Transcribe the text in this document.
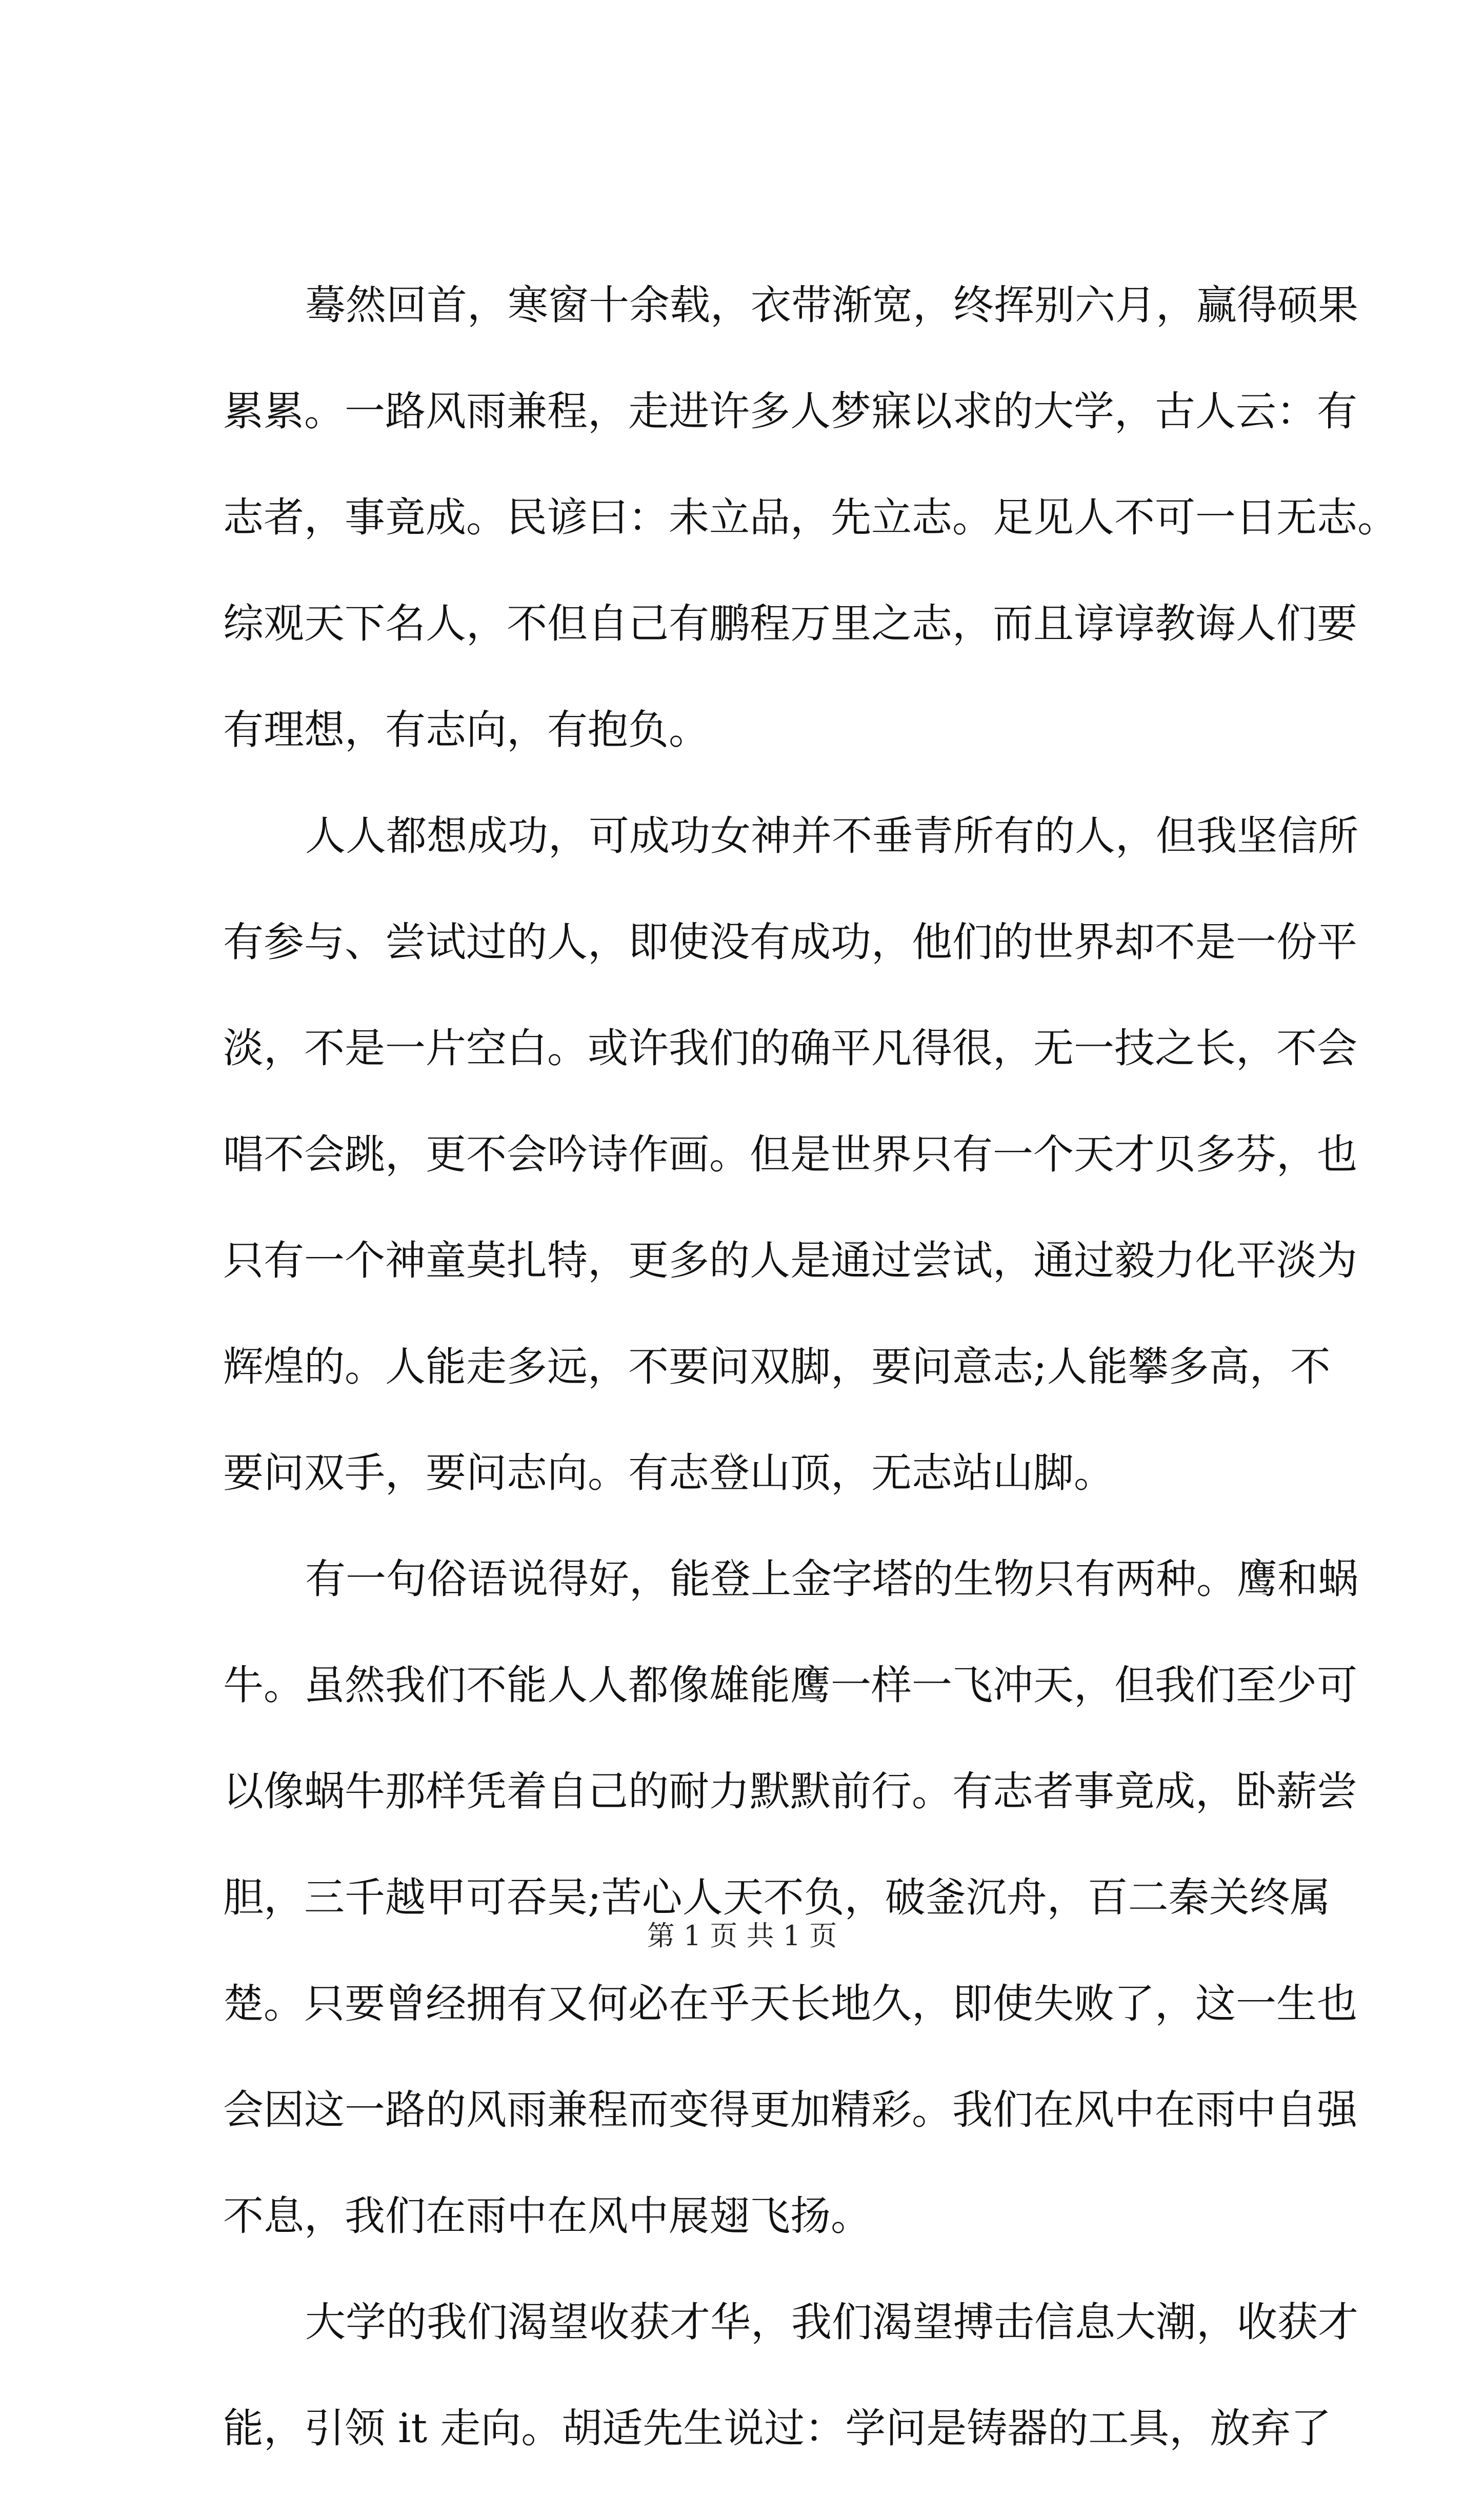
蓦然回首，寒窗十余载，衣带渐宽，终挥别六月，赢得硕果
累累。一路风雨兼程，走进许多人梦寐以求的大学，古人云：有
志者，事竟成。民谚曰：未立品，先立志。足见人不可一日无志。
综观天下名人，不但自己有鹏程万里之志，而且谆谆教诲人们要
有理想，有志向，有抱负。
人人都想成功，可成功女神并不垂青所有的人，但我坚信所
有参与、尝试过的人，即使没有成功，他们的世界却不是一份平
淡，不是一片空白。或许我们的确平凡得很，无一技之长，不会
唱不会跳，更不会吟诗作画。但是世界只有一个天才贝多芬，也
只有一个神童莫扎特，更多的人是通过尝试，通过毅力化平淡为
辉煌的。人能走多远，不要问双脚，要问意志;人能攀多高，不
要问双手，要问志向。有志登山顶，无志站山脚。
有一句俗语说得好，能登上金字塔的生物只有两种。鹰和蜗
牛。虽然我们不能人人都像雄能鹰一样一飞冲天，但我们至少可
以像蜗牛那样凭着自己的耐力默默前行。有志者事竟成，卧薪尝
胆，三千越甲可吞吴;苦心人天不负，破釜沉舟，百二秦关终属
楚。只要曾经拥有又何必在乎天长地久，即使失败了，这一生也
会因这一路的风雨兼程而变得更加精彩。我们在风中在雨中自强
不息，我们在雨中在风中展翅飞扬。
大学的我们渴望收获才华，我们渴望搏击信息大潮，收获才
能，引领 it 走向。胡适先生说过：学问是铸器的工具，放弃了
第 1 页 共 1 页
